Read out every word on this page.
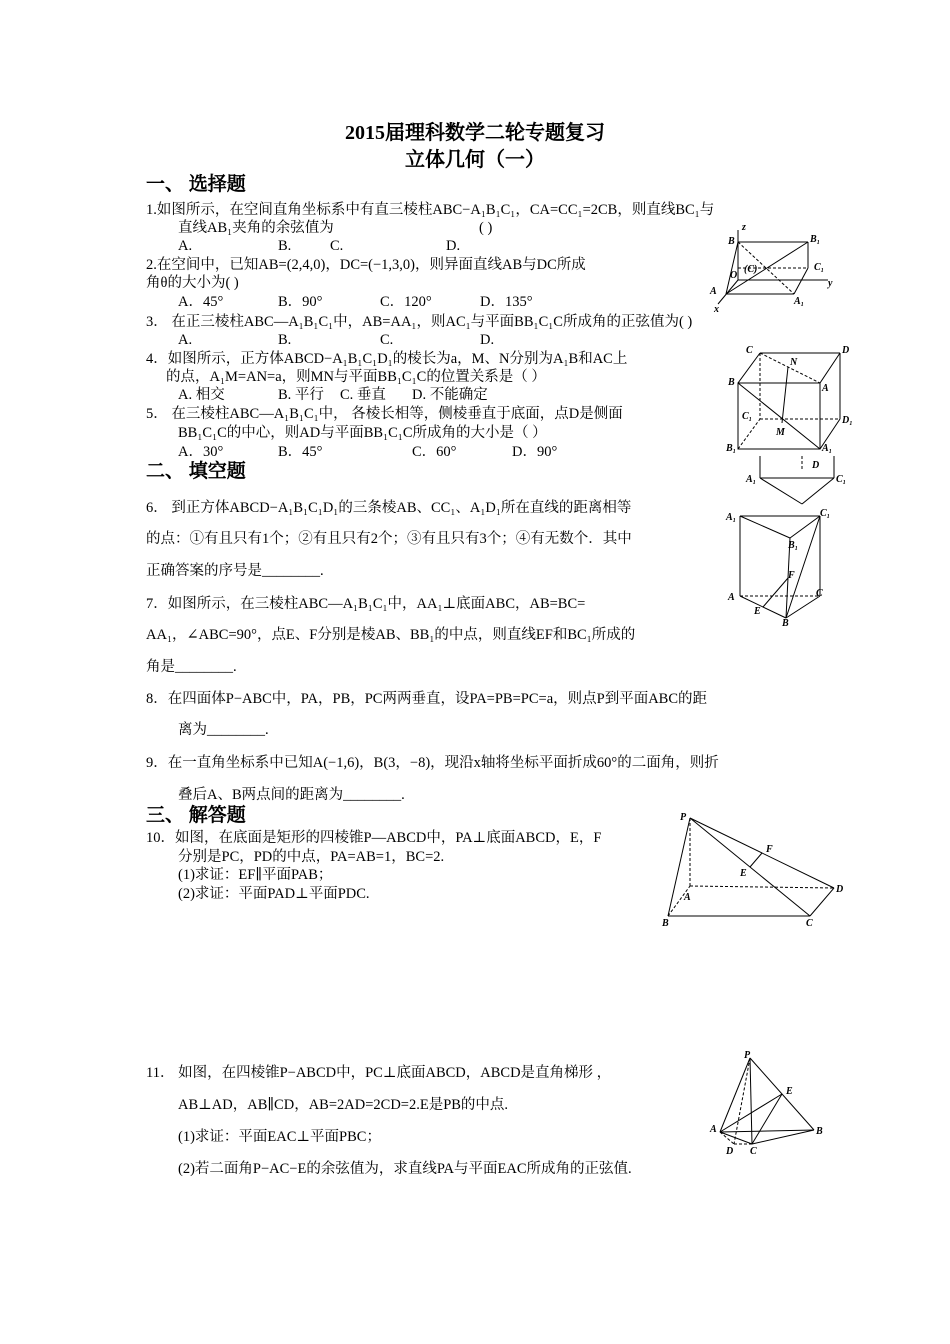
2015届理科数学二轮专题复习
立体几何（一）
一、 选择题
1.如图所示，在空间直角坐标系中有直三棱柱ABC−A₁B₁C₁，CA=CC₁=2CB，则直线BC₁与
直线AB₁夹角的余弦值为	( )
A.	B.	C.	D.
2.在空间中，已知AB=(2,4,0)，DC=(−1,3,0)，则异面直线AB与DC所成
角θ的大小为( )
A．45°	B．90°	C．120°	D．135°
3． 在正三棱柱ABC—A₁B₁C₁中，AB=AA₁，则AC₁与平面BB₁C₁C所成角的正弦值为( )
A.	B.	C.	D.
4．如图所示，正方体ABCD−A₁B₁C₁D₁的棱长为a，M、N分别为A₁B和AC上
的点，A₁M=AN=a，则MN与平面BB₁C₁C的位置关系是（ ）
A. 相交	B. 平行 C. 垂直 D. 不能确定
5． 在三棱柱ABC—A₁B₁C₁中， 各棱长相等，侧棱垂直于底面，点D是侧面
BB₁C₁C的中心，则AD与平面BB₁C₁C所成角的大小是（ ）
A．30°	B．45°	C．60°	D．90°
二、 填空题
6． 到正方体ABCD−A₁B₁C₁D₁的三条棱AB、CC₁、A₁D₁所在直线的距离相等
的点：①有且只有1个；②有且只有2个；③有且只有3个；④有无数个．其中
正确答案的序号是________.
7．如图所示，在三棱柱ABC—A₁B₁C₁中，AA₁⊥底面ABC，AB=BC=
AA₁，∠ABC=90°，点E、F分别是棱AB、BB₁的中点，则直线EF和BC₁所成的
角是________.
8．在四面体P−ABC中，PA，PB，PC两两垂直，设PA=PB=PC=a，则点P到平面ABC的距
离为________.
9．在一直角坐标系中已知A(−1,6)，B(3，−8)，现沿x轴将坐标平面折成60°的二面角，则折
叠后A、B两点间的距离为________.
三、 解答题
10．如图，在底面是矩形的四棱锥P—ABCD中，PA⊥底面ABCD，E，F
分别是PC，PD的中点，PA=AB=1，BC=2.
(1)求证：EF∥平面PAB；
(2)求证：平面PAD⊥平面PDC.
11． 如图，在四棱锥P−ABCD中，PC⊥底面ABCD，ABCD是直角梯形 ，
AB⊥AD，AB∥CD，AB=2AD=2CD=2.E是PB的中点.
(1)求证：平面EAC⊥平面PBC；
(2)若二面角P−AC−E的余弦值为，求直线PA与平面EAC所成角的正弦值.
z
B	B₁
O
(C)	C₁
y
A
x
A₁
C
N
D
B
A
C₁	D₁
M
B₁	A₁
D
A₁	C₁
A₁	C₁
B₁
F
A	C
E
B
P
F
E
A
D
B	C
P
E
A
D C
B
